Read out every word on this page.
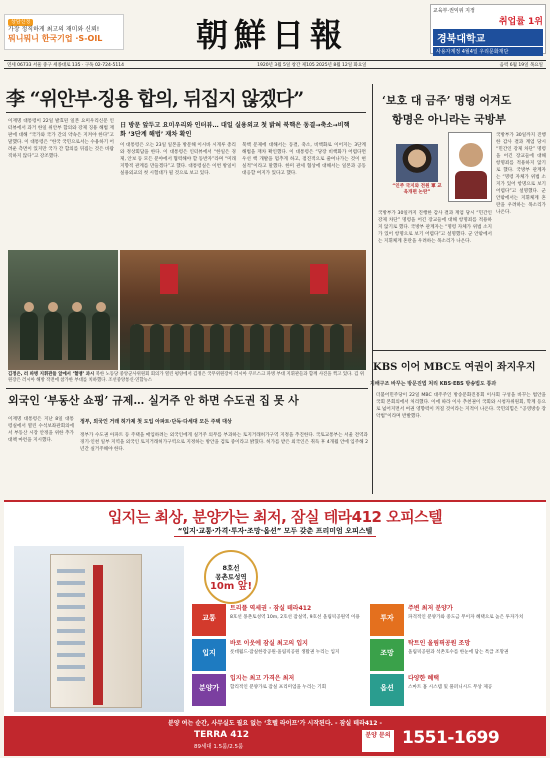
상담신청
가장 정직하게 최고의 재미와 신뢰!
뭐니뭐니 한국기업 ·S-OIL	朝鮮日報
교육부·권익위 지정
취업률 1위
경북대학교
사용자계정 4월4일 우리문화재단
연세 06733 서울 중구 세종대로 135 · 구독 02-724-5114	1920년 3월 5일 창간 제105 2025년 8월 12일 화요일	음력 6월 19일 목요일
李 “위안부·징용 합의, 뒤집지 않겠다”

이재명 대통령이 22일 발효된 일본 요미우리신문 인터뷰에서 과거 한일 위안부 합의와 강제 징용 해법 재판에 대해 “국가와 국가 간의 약속은 지켜야 한다”고 말했다. 이 대통령은 “한국 국민으로서는 수용하기 어려운 측면이 있지만 국가 간 합의를 뒤집는 것은 바람직하지 않다”고 강조했다.

日 방문 앞두고 요미우리와 인터뷰… 대일 실용외교 첫 밝혀 북핵은 동결→축소→비핵화 ‘3단계 해법’ 재차 확인

이 대통령은 오는 23일 일본을 방문해 이시바 시게루 총리와 정상회담을 한다. 이 대통령은 인터뷰에서 “한일은 경제, 안보 등 모든 분야에서 협력해야 할 동반자”라며 “미래지향적 관계를 만들겠다”고 했다. 대통령실은 이번 방일이 실용외교의 첫 시험대가 될 것으로 보고 있다.

북핵 문제에 대해서는 동결, 축소, 비핵화로 이어지는 3단계 해법을 재차 확인했다. 이 대통령은 “당장 비핵화가 어렵다면 우선 핵 개발을 멈추게 하고, 점진적으로 줄여나가는 것이 현실적”이라고 말했다. 한미 관세 협상에 대해서는 일본과 공동 대응할 여지가 있다고 했다.

김정은, 러 파병 지휘관들 앞에서 ‘혈맹’ 과시 북한 노동당 중앙군사위원회 회의가 열린 평양에서 김정은 국무위원장이 러시아 쿠르스크 파병 부대 지휘관들과 함께 사진을 찍고 있다. 김 위원장은 러시아 해방 작전에 참가한 부대를 치하했다. 조선중앙통신·연합뉴스
‘보호 대 금주’ 명령 어겨도
항명은 아니라는 국방부
“인주 국지와 전원 軍 교육개편 논란”

국방부가 30일까지 진행한 감사 결과 계엄 당시 “민간인 강제 차단” 명령을 어긴 장교들에 대해 항명죄를 적용하지 않기로 했다. 국방부 관계자는 “명령 자체가 위법 소지가 있어 항명으로 보기 어렵다”고 설명했다. 군 안팎에서는 지휘체계 혼란을 우려하는 목소리가 나온다.

국방부가 30일까지 진행한 감사 결과 계엄 당시 “민간인 강제 차단” 명령을 어긴 장교들에 대해 항명죄를 적용하지 않기로 했다. 국방부 관계자는 “명령 자체가 위법 소지가 있어 항명으로 보기 어렵다”고 설명했다. 군 안팎에서는 지휘체계 혼란을 우려하는 목소리가 나온다.

KBS 이어 MBC도 여권이 좌지우지
지배구조 바꾸는 방문진법 처리 KBS·EBS 방송법도 통과

더불어민주당이 22일 MBC 대주주인 방송문화진흥회 이사회 구성을 바꾸는 법안을 국회 본회의에서 처리했다. 이에 따라 이사 추천권이 국회와 시청자위원회, 학계 등으로 넓어지면서 여권 영향력이 커질 것이라는 지적이 나온다. 국민의힘은 “공영방송 장악법”이라며 반발했다.

외국인 ‘부동산 쇼핑’ 규제… 실거주 안 하면 수도권 집 못 사

이재명 대통령은 지난 8일 대통령실에서 열린 수석보좌관회의에서 부동산 시장 안정을 위한 추가 대책 마련을 지시했다.

정부, 외국인 거래 허가제 첫 도입 아파트·단독·다세대 모든 주택 대상

정부가 수도권 아파트 등 주택을 매입하려는 외국인에게 실거주 의무를 부과하는 토지거래허가구역 지정을 추진한다. 국토교통부는 서울 전역과 경기·인천 일부 지역을 외국인 토지거래허가구역으로 지정하는 방안을 검토 중이라고 밝혔다. 허가를 받은 외국인은 취득 후 4개월 안에 입주해 2년간 실거주해야 한다.

입지는 최상, 분양가는 최저, 잠실 테라412 오피스텔
“입지·교통·가격·투자·조망·옵션” 모두 갖춘 프리미엄 오피스텔
8호선
몽촌토성역
10m 앞!
교통
트리플 역세권 · 잠실 테라412
8호선 몽촌토성역 10m, 2호선 잠실역, 9호선 올림픽공원역 이용	투자
주변 최저 분양가
파격적인 분양가와 중도금 무이자 혜택으로 높은 투자가치
입지
바로 이웃에 잠실 최고의 입지
롯데월드·잠실한강공원·올림픽공원 생활권 누리는 입지	조망
탁트인 올림픽공원 조망
올림픽공원과 석촌호수를 한눈에 담는 특급 조망권
분양가
입지는 최고 가격은 최저
합리적인 분양가로 잠실 프리미엄을 누리는 기회	옵션
다양한 혜택
스마트 홈 시스템 및 풀퍼니시드 무상 제공
분양 여는 순간, 사무실도 필요 없는 ‘호텔 라이프’가 시작된다. - 잠실 테라412 -
TERRA 412
89세대 1.5룸/2.5룸
분양 문의 1551-1699
